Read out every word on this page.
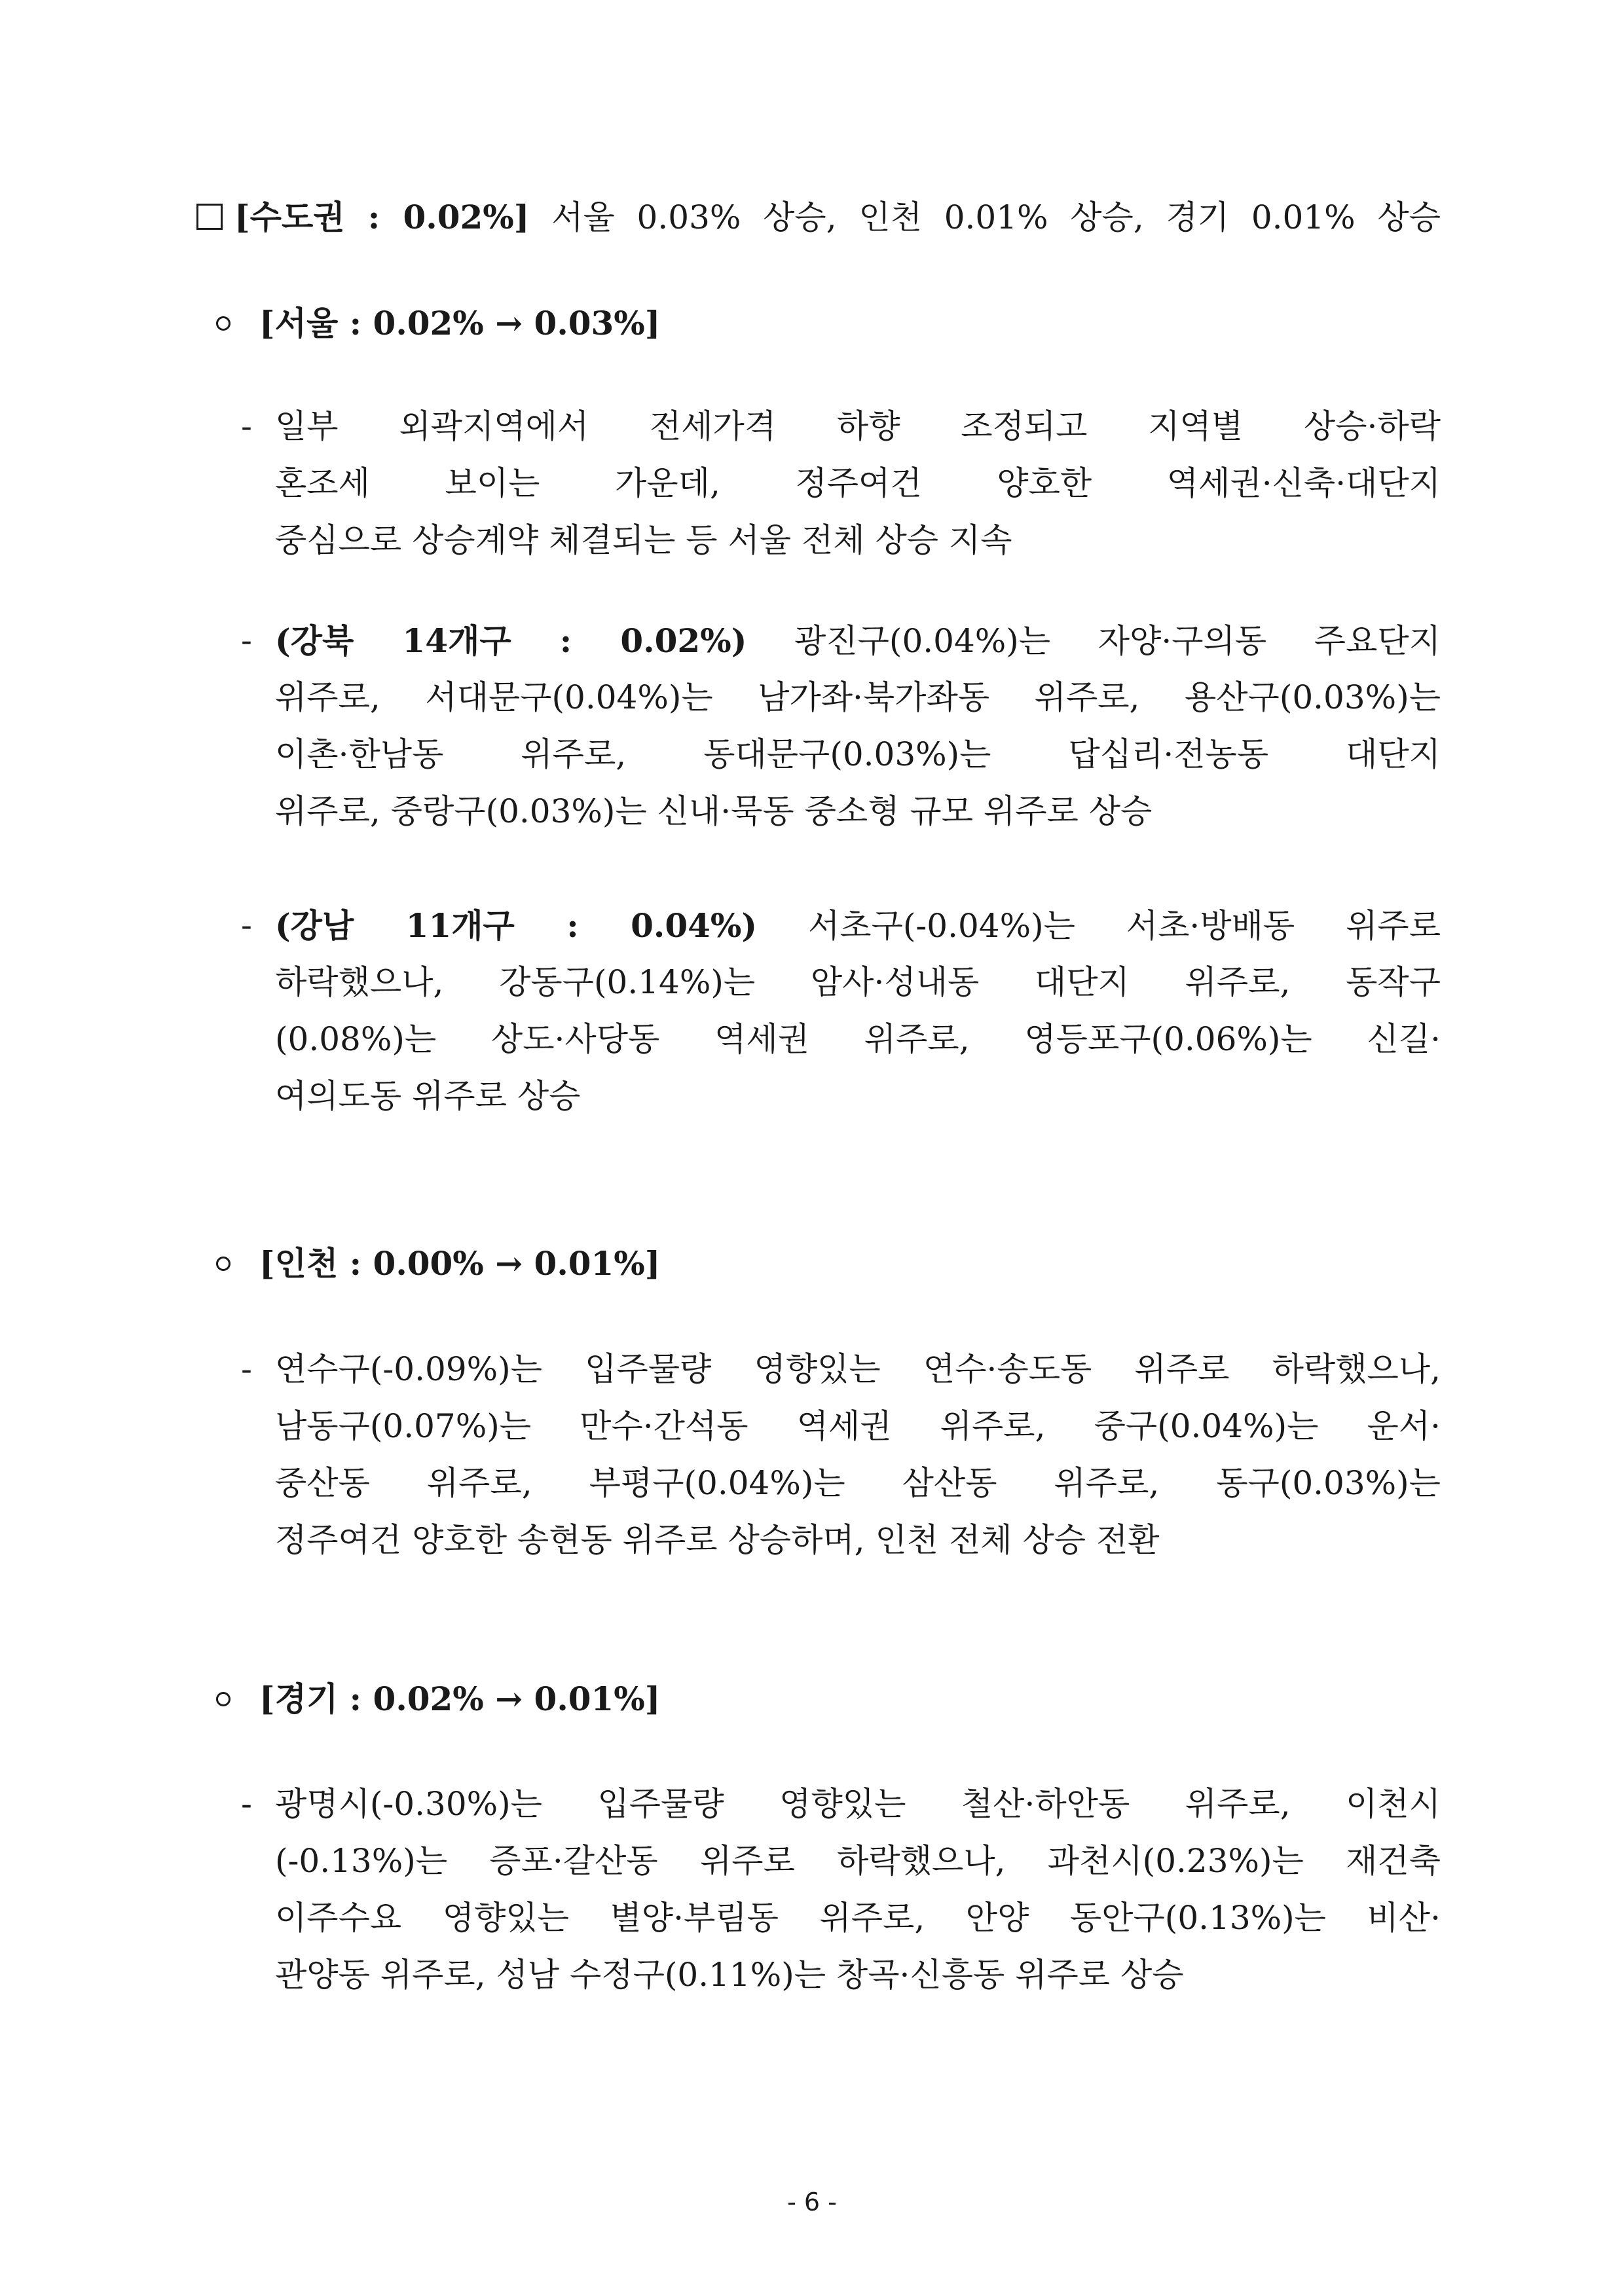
[수도권 : 0.02%] 서울 0.03% 상승, 인천 0.01% 상승, 경기 0.01% 상승
[서울 : 0.02% → 0.03%]
- 일부 외곽지역에서 전세가격 하향 조정되고 지역별 상승·하락
혼조세 보이는 가운데, 정주여건 양호한 역세권·신축·대단지
중심으로 상승계약 체결되는 등 서울 전체 상승 지속
- (강북 14개구 : 0.02%) 광진구(0.04%)는 자양·구의동 주요단지
위주로, 서대문구(0.04%)는 남가좌·북가좌동 위주로, 용산구(0.03%)는
이촌·한남동 위주로, 동대문구(0.03%)는 답십리·전농동 대단지
위주로, 중랑구(0.03%)는 신내·묵동 중소형 규모 위주로 상승
- (강남 11개구 : 0.04%) 서초구(-0.04%)는 서초·방배동 위주로
하락했으나, 강동구(0.14%)는 암사·성내동 대단지 위주로, 동작구
(0.08%)는 상도·사당동 역세권 위주로, 영등포구(0.06%)는 신길·
여의도동 위주로 상승
[인천 : 0.00% → 0.01%]
- 연수구(-0.09%)는 입주물량 영향있는 연수·송도동 위주로 하락했으나,
남동구(0.07%)는 만수·간석동 역세권 위주로, 중구(0.04%)는 운서·
중산동 위주로, 부평구(0.04%)는 삼산동 위주로, 동구(0.03%)는
정주여건 양호한 송현동 위주로 상승하며, 인천 전체 상승 전환
[경기 : 0.02% → 0.01%]
- 광명시(-0.30%)는 입주물량 영향있는 철산·하안동 위주로, 이천시
(-0.13%)는 증포·갈산동 위주로 하락했으나, 과천시(0.23%)는 재건축
이주수요 영향있는 별양·부림동 위주로, 안양 동안구(0.13%)는 비산·
관양동 위주로, 성남 수정구(0.11%)는 창곡·신흥동 위주로 상승
- 6 -
